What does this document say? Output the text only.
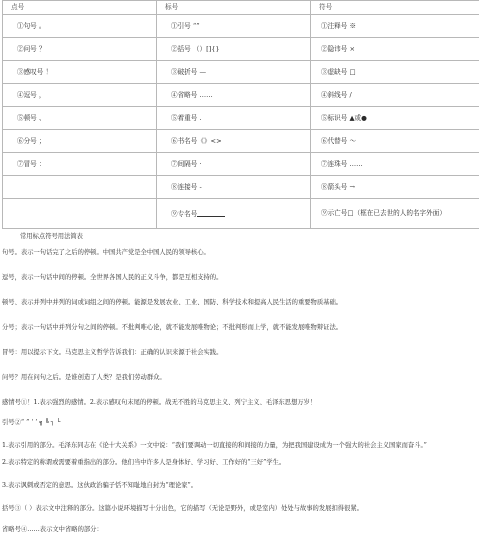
点号	标号	符号
①句号 。	①引号 “”	①注释号 ※
②问号 ？	②括号 （）[]{}	②隐讳号 ×
③感叹号 ！	③破折号 —	③虚缺号 □
④逗号 ，	④省略号 ……	④斜线号 /
⑤顿号 、	⑤着重号 .	⑤标识号 ▲或●
⑥分号 ；	⑥书名号《》<>	⑥代替号 ～
⑦冒号 ：	⑦间隔号 ·	⑦连珠号 ……
	⑧连接号 -	⑧箭头号 →
	⑨专名号	⑨示亡号□（框在已去世的人的名字外面）

常用标点符号用法简表

句号。表示一句话完了之后的停顿。中国共产党是全中国人民的领导核心。

逗号，表示一句话中间的停顿。全世界各国人民的正义斗争，都是互相支持的。

顿号、表示并列中并列的词或词组之间的停顿。能源是发展农业、工业、国防、科学技术和提高人民生活的重要物质基础。

分号；表示一句话中并列分句之间的停顿。不批判唯心论，就不能发展唯物论；不批判形而上学，就不能发展唯物辩证法。

冒号：用以提示下文。马克思主义哲学告诉我们：正确的认识来源于社会实践。

问号？用在问句之后。是谁创造了人类？是我们劳动群众。

感情号①！1.表示强烈的感情。2.表示感叹句末尾的停顿。战无不胜的马克思主义、列宁主义、毛泽东思想万岁！

引号②“ ” ‘ ’ ╗ ╚ ┐ └

1.表示引用的部分。毛泽东同志在《论十大关系》一文中说：“我们要调动一切直接的和间接的力量，为把我国建设成为一个强大的社会主义国家而奋斗。”

2.表示特定的称谓或需要着重指出的部分。他们当中许多人是身体好、学习好、工作好的“三好”学生。

3.表示讽刺或否定的意思。这伙政治骗子恬不知耻地自封为“理论家”。

括号③（ ）表示文中注释的部分。这篇小说环境描写十分出色，它的描写（无论是野外，或是室内）处处与故事的发展扣得很紧。

省略号④……表示文中省略的部分：
